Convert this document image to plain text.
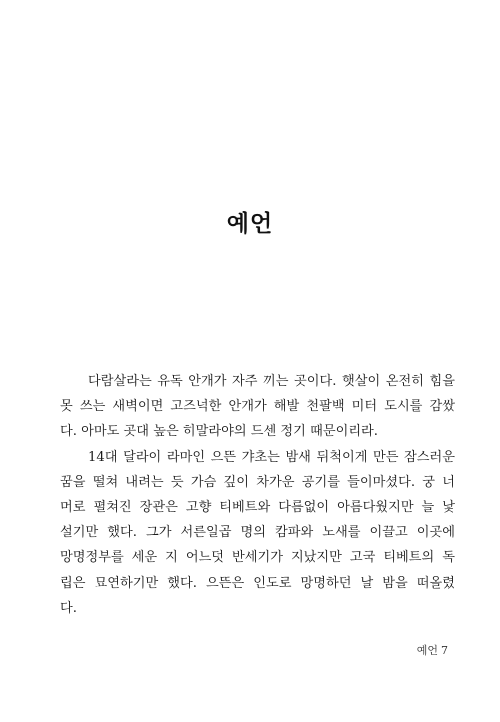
예언

다람살라는 유독 안개가 자주 끼는 곳이다. 햇살이 온전히 힘을
못 쓰는 새벽이면 고즈넉한 안개가 해발 천팔백 미터 도시를 감쌌
다. 아마도 곳대 높은 히말라야의 드센 정기 때문이리라.

14대 달라이 라마인 으뜬 갸초는 밤새 뒤척이게 만든 잠스러운
꿈을 떨쳐 내려는 듯 가슴 깊이 차가운 공기를 들이마셨다. 궁 너
머로 펼쳐진 장관은 고향 티베트와 다름없이 아름다웠지만 늘 낯
설기만 했다. 그가 서른일곱 명의 캄파와 노새를 이끌고 이곳에
망명정부를 세운 지 어느덧 반세기가 지났지만 고국 티베트의 독
립은 묘연하기만 했다. 으뜬은 인도로 망명하던 날 밤을 떠올렸
다.

예언 7
